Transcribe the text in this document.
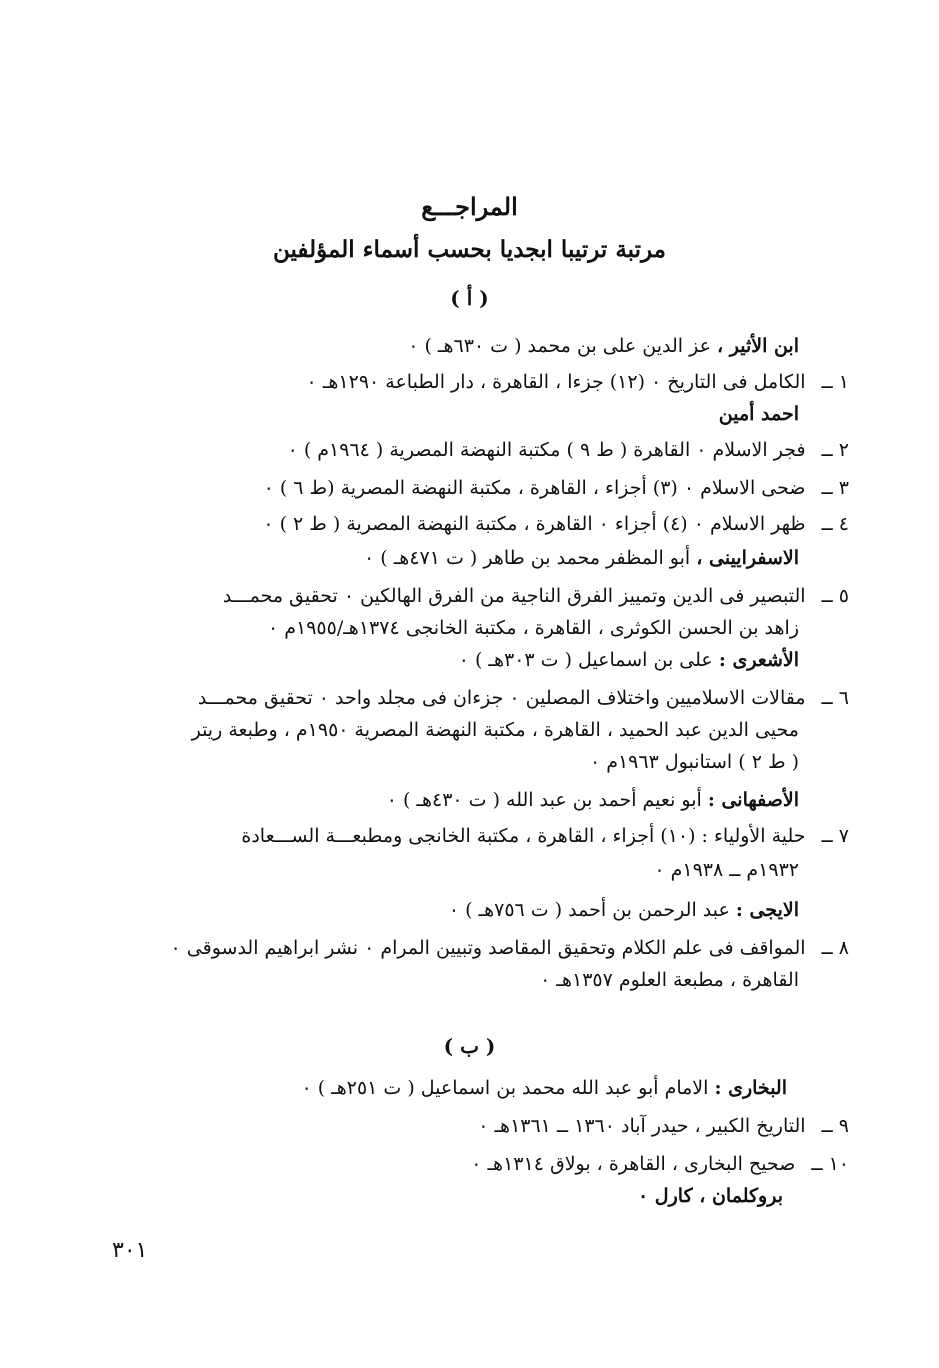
المراجـــع
مرتبة ترتيبا ابجديا بحسب أسماء المؤلفين
( أ )
ابن الأثير ، عز الدين على بن محمد ( ت ٦٣٠هـ ) ٠
١ ــ الكامل فى التاريخ ٠ (١٢) جزءا ، القاهرة ، دار الطباعة ١٢٩٠هـ ٠
احمد أمين
٢ ــ فجر الاسلام ٠ القاهرة ( ط ٩ ) مكتبة النهضة المصرية ( ١٩٦٤م ) ٠
٣ ــ ضحى الاسلام ٠ (٣) أجزاء ، القاهرة ، مكتبة النهضة المصرية (ط ٦ ) ٠
٤ ــ ظهر الاسلام ٠ (٤) أجزاء ٠ القاهرة ، مكتبة النهضة المصرية ( ط ٢ ) ٠
الاسفرايينى ، أبو المظفر محمد بن طاهر ( ت ٤٧١هـ ) ٠
٥ ــ التبصير فى الدين وتمييز الفرق الناجية من الفرق الهالكين ٠ تحقيق محمـــد
زاهد بن الحسن الكوثرى ، القاهرة ، مكتبة الخانجى ١٣٧٤هـ/١٩٥٥م ٠
الأشعرى : على بن اسماعيل ( ت ٣٠٣هـ ) ٠
٦ ــ مقالات الاسلاميين واختلاف المصلين ٠ جزءان فى مجلد واحد ٠ تحقيق محمـــد
محيى الدين عبد الحميد ، القاهرة ، مكتبة النهضة المصرية ١٩٥٠م ، وطبعة ريتر
( ط ٢ ) استانبول ١٩٦٣م ٠
الأصفهانى : أبو نعيم أحمد بن عبد الله ( ت ٤٣٠هـ ) ٠
٧ ــ حلية الأولياء : (١٠) أجزاء ، القاهرة ، مكتبة الخانجى ومطبعـــة الســـعادة
١٩٣٢م ــ ١٩٣٨م ٠
الايجى : عبد الرحمن بن أحمد ( ت ٧٥٦هـ ) ٠
٨ ــ المواقف فى علم الكلام وتحقيق المقاصد وتبيين المرام ٠ نشر ابراهيم الدسوقى ٠
القاهرة ، مطبعة العلوم ١٣٥٧هـ ٠
( ب )
البخارى : الامام أبو عبد الله محمد بن اسماعيل ( ت ٢٥١هـ ) ٠
٩ ــ التاريخ الكبير ، حيدر آباد ١٣٦٠ ــ ١٣٦١هـ ٠
١٠ ــ صحيح البخارى ، القاهرة ، بولاق ١٣١٤هـ ٠
بروكلمان ، كارل ٠
٣٠١
